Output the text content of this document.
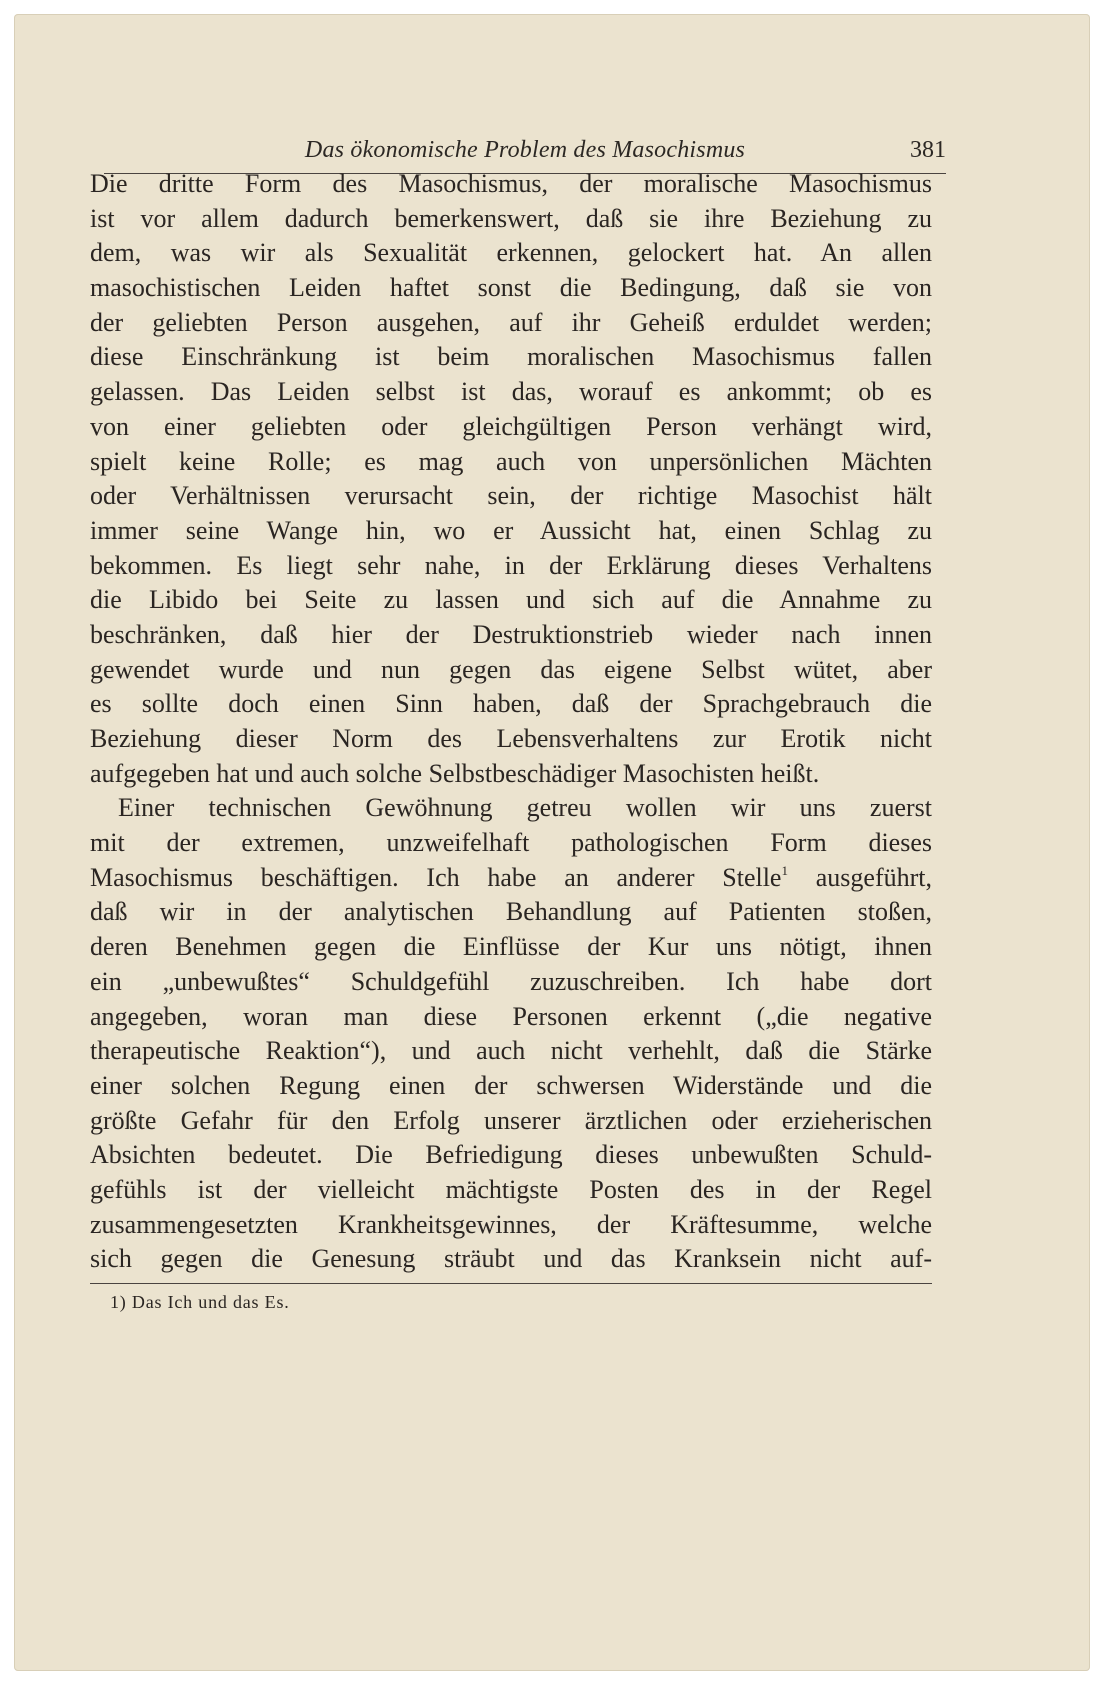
Das ökonomische Problem des Masochismus	381
Die dritte Form des Masochismus, der moralische Masochismus
ist vor allem dadurch bemerkenswert, daß sie ihre Beziehung zu
dem, was wir als Sexualität erkennen, gelockert hat. An allen
masochistischen Leiden haftet sonst die Bedingung, daß sie von
der geliebten Person ausgehen, auf ihr Geheiß erduldet werden;
diese Einschränkung ist beim moralischen Masochismus fallen
gelassen. Das Leiden selbst ist das, worauf es ankommt; ob es
von einer geliebten oder gleichgültigen Person verhängt wird,
spielt keine Rolle; es mag auch von unpersönlichen Mächten
oder Verhältnissen verursacht sein, der richtige Masochist hält
immer seine Wange hin, wo er Aussicht hat, einen Schlag zu
bekommen. Es liegt sehr nahe, in der Erklärung dieses Verhaltens
die Libido bei Seite zu lassen und sich auf die Annahme zu
beschränken, daß hier der Destruktionstrieb wieder nach innen
gewendet wurde und nun gegen das eigene Selbst wütet, aber
es sollte doch einen Sinn haben, daß der Sprachgebrauch die
Beziehung dieser Norm des Lebensverhaltens zur Erotik nicht
aufgegeben hat und auch solche Selbstbeschädiger Masochisten heißt.
Einer technischen Gewöhnung getreu wollen wir uns zuerst
mit der extremen, unzweifelhaft pathologischen Form dieses
Masochismus beschäftigen. Ich habe an anderer Stelle$^1$ ausgeführt,
daß wir in der analytischen Behandlung auf Patienten stoßen,
deren Benehmen gegen die Einflüsse der Kur uns nötigt, ihnen
ein „unbewußtes“ Schuldgefühl zuzuschreiben. Ich habe dort
angegeben, woran man diese Personen erkennt („die negative
therapeutische Reaktion“), und auch nicht verhehlt, daß die Stärke
einer solchen Regung einen der schwersen Widerstände und die
größte Gefahr für den Erfolg unserer ärztlichen oder erzieherischen
Absichten bedeutet. Die Befriedigung dieses unbewußten Schuld-
gefühls ist der vielleicht mächtigste Posten des in der Regel
zusammengesetzten Krankheitsgewinnes, der Kräftesumme, welche
sich gegen die Genesung sträubt und das Kranksein nicht auf-
1) Das Ich und das Es.
